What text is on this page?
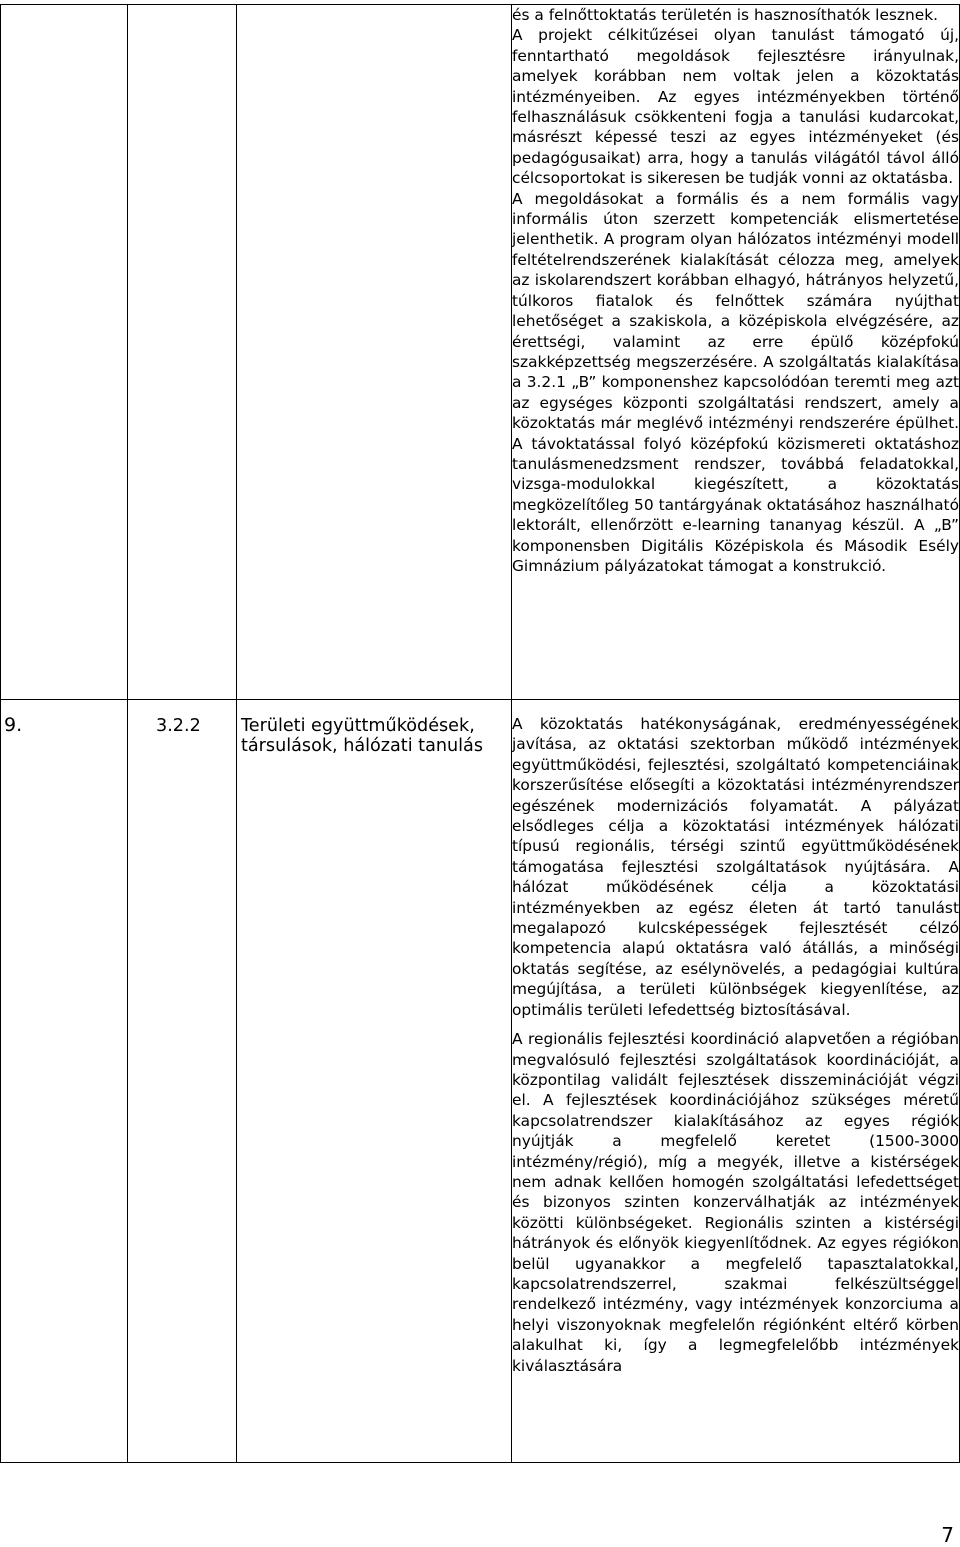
			és a felnőttoktatás területén is hasznosíthatók lesznek.

A projekt célkitűzései olyan tanulást támogató új, fenntartható megoldások fejlesztésre irányulnak, amelyek korábban nem voltak jelen a közoktatás intézményeiben. Az egyes intézményekben történő felhasználásuk csökkenteni fogja a tanulási kudarcokat, másrészt képessé teszi az egyes intézményeket (és pedagógusaikat) arra, hogy a tanulás világától távol álló célcsoportokat is sikeresen be tudják vonni az oktatásba.

A megoldásokat a formális és a nem formális vagy informális úton szerzett kompetenciák elismertetése jelenthetik. A program olyan hálózatos intézményi modell feltételrendszerének kialakítását célozza meg, amelyek az iskolarendszert korábban elhagyó, hátrányos helyzetű, túlkoros fiatalok és felnőttek számára nyújthat lehetőséget a szakiskola, a középiskola elvégzésére, az érettségi, valamint az erre épülő középfokú szakképzettség megszerzésére. A szolgáltatás kialakítása a 3.2.1 „B” komponenshez kapcsolódóan teremti meg azt az egységes központi szolgáltatási rendszert, amely a közoktatás már meglévő intézményi rendszerére épülhet. A távoktatással folyó középfokú közismereti oktatáshoz tanulásmenedzsment rendszer, továbbá feladatokkal, vizsga-modulokkal kiegészített, a közoktatás megközelítőleg 50 tantárgyának oktatásához használható lektorált, ellenőrzött e-learning tananyag készül. A „B” komponensben Digitális Középiskola és Második Esély Gimnázium pályázatokat támogat a konstrukció.

9.	3.2.2	Területi együttműködések, társulások, hálózati tanulás	A közoktatás hatékonyságának, eredményességének javítása, az oktatási szektorban működő intézmények együttműködési, fejlesztési, szolgáltató kompetenciáinak korszerűsítése elősegíti a közoktatási intézményrendszer egészének modernizációs folyamatát. A pályázat elsődleges célja a közoktatási intézmények hálózati típusú regionális, térségi szintű együttműködésének támogatása fejlesztési szolgáltatások nyújtására. A hálózat működésének célja a közoktatási intézményekben az egész életen át tartó tanulást megalapozó kulcsképességek fejlesztését célzó kompetencia alapú oktatásra való átállás, a minőségi oktatás segítése, az esélynövelés, a pedagógiai kultúra megújítása, a területi különbségek kiegyenlítése, az optimális területi lefedettség biztosításával.

A regionális fejlesztési koordináció alapvetően a régióban megvalósuló fejlesztési szolgáltatások koordinációját, a központilag validált fejlesztések disszeminációját végzi el. A fejlesztések koordinációjához szükséges méretű kapcsolatrendszer kialakításához az egyes régiók nyújtják a megfelelő keretet (1500-3000 intézmény/régió), míg a megyék, illetve a kistérségek nem adnak kellően homogén szolgáltatási lefedettséget és bizonyos szinten konzerválhatják az intézmények közötti különbségeket. Regionális szinten a kistérségi hátrányok és előnyök kiegyenlítődnek. Az egyes régiókon belül ugyanakkor a megfelelő tapasztalatokkal, kapcsolatrendszerrel, szakmai felkészültséggel rendelkező intézmény, vagy intézmények konzorciuma a helyi viszonyoknak megfelelőn régiónként eltérő körben alakulhat ki, így a legmegfelelőbb intézmények kiválasztására

7
